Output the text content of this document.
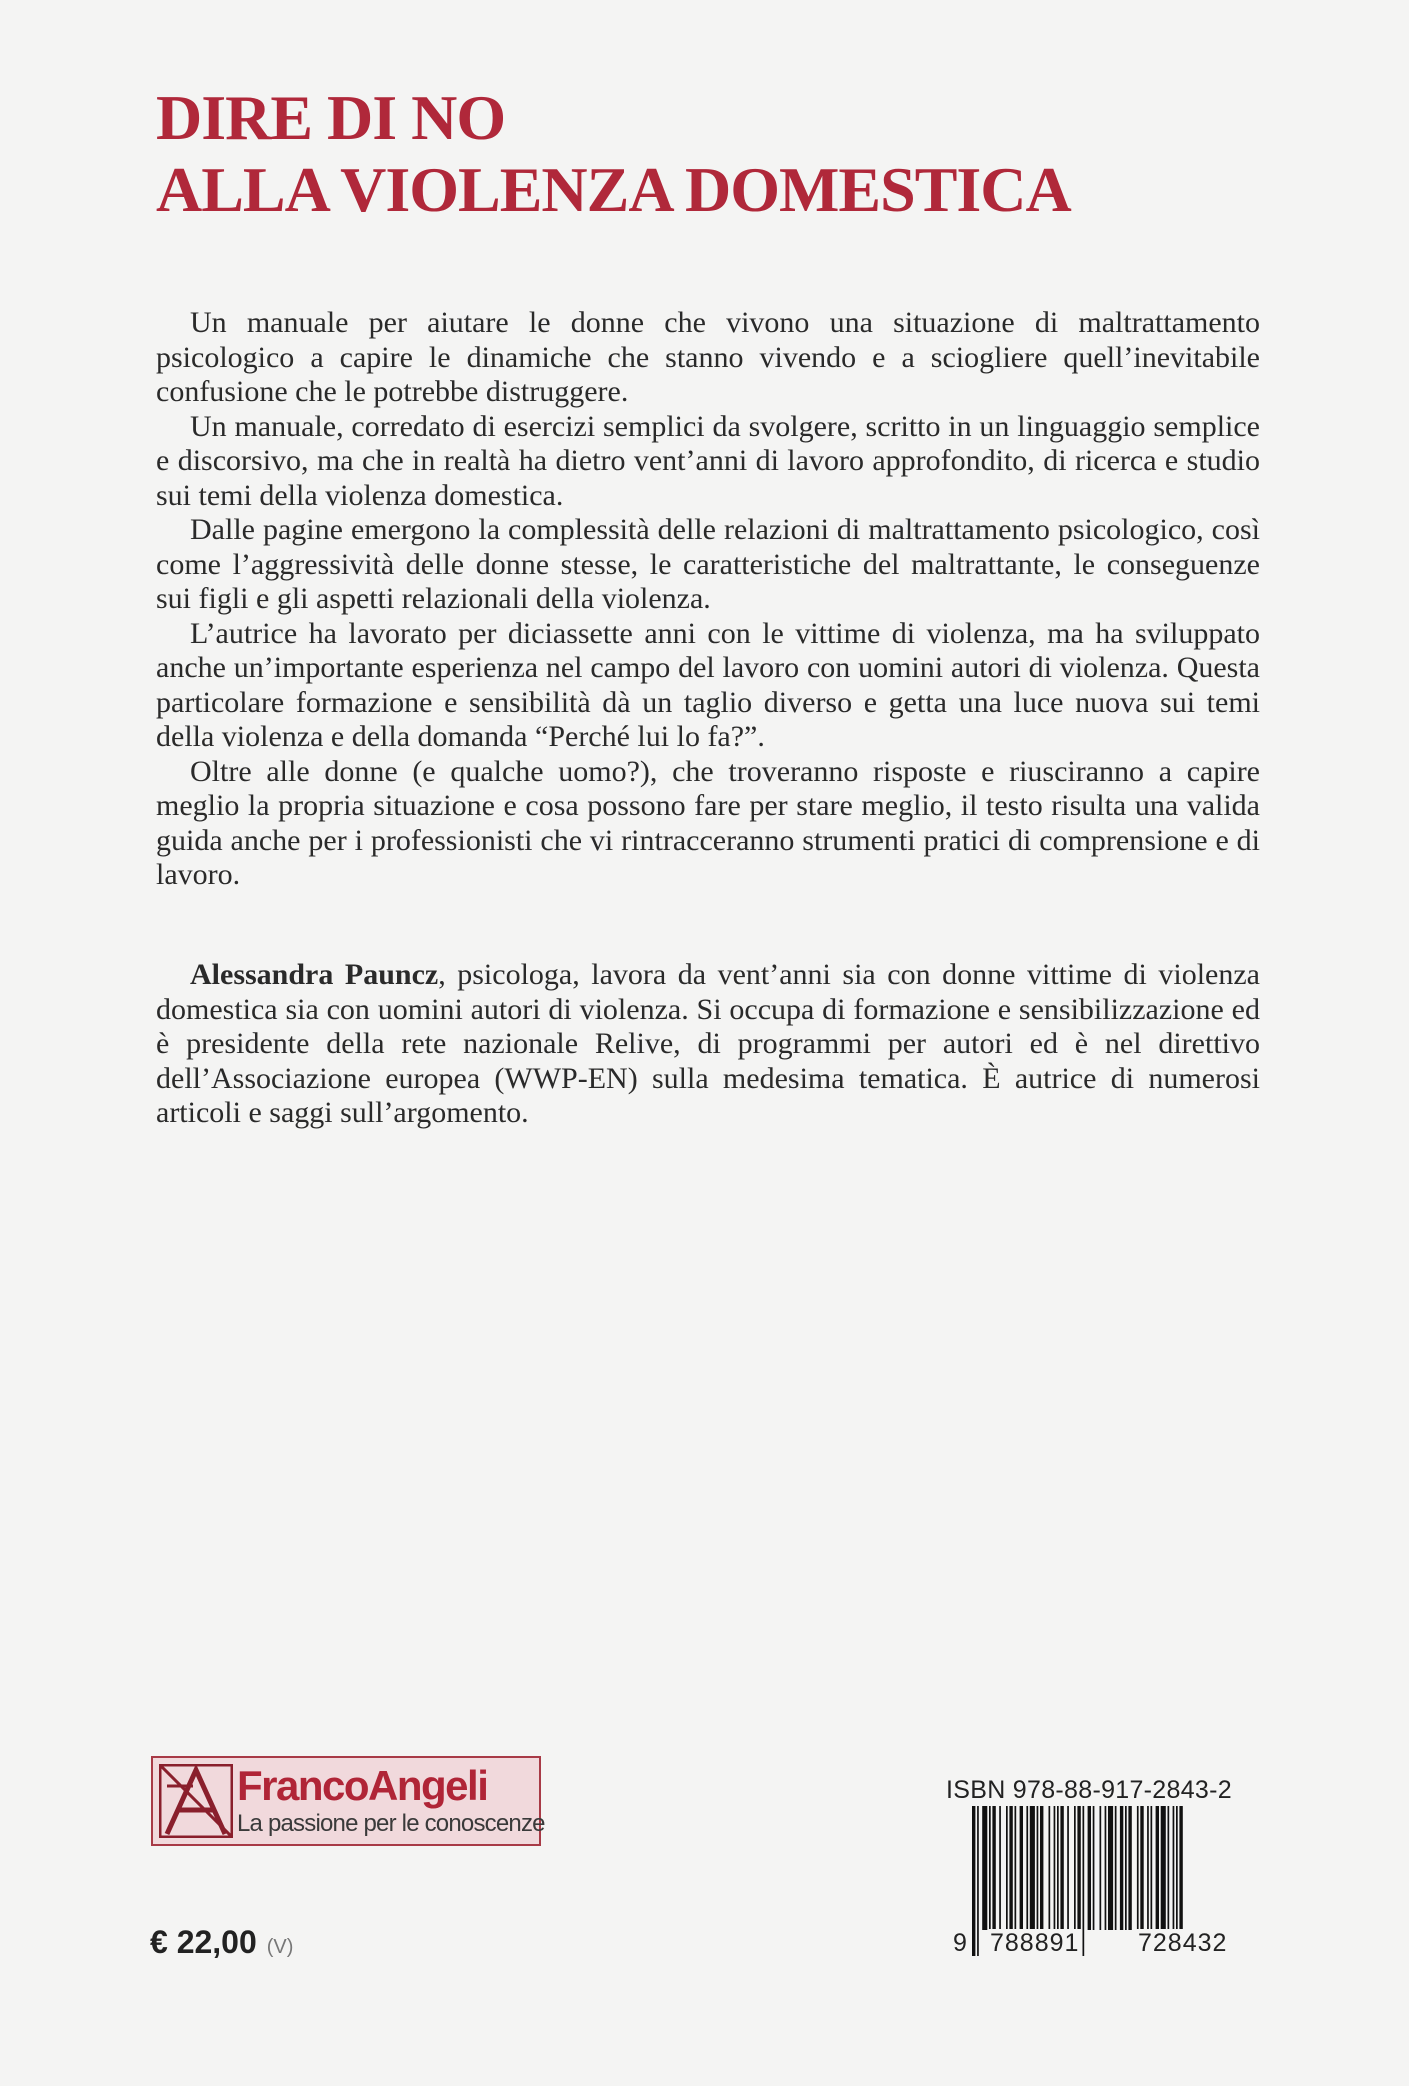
DIRE DI NO
ALLA VIOLENZA DOMESTICA

Un manuale per aiutare le donne che vivono una situazione di maltrattamento psicologico a capire le dinamiche che stanno vivendo e a sciogliere quell’inevitabile confusione che le potrebbe distruggere.

Un manuale, corredato di esercizi semplici da svolgere, scritto in un linguaggio semplice e discorsivo, ma che in realtà ha dietro vent’anni di lavoro approfondito, di ricerca e studio sui temi della violenza domestica.

Dalle pagine emergono la complessità delle relazioni di maltrattamento psicologico, così come l’aggressività delle donne stesse, le caratteristiche del maltrattante, le conseguenze sui figli e gli aspetti relazionali della violenza.

L’autrice ha lavorato per diciassette anni con le vittime di violenza, ma ha sviluppato anche un’importante esperienza nel campo del lavoro con uomini autori di violenza. Questa particolare formazione e sensibilità dà un taglio diverso e getta una luce nuova sui temi della violenza e della domanda “Perché lui lo fa?”.

Oltre alle donne (e qualche uomo?), che troveranno risposte e riusciranno a capire meglio la propria situazione e cosa possono fare per stare meglio, il testo risulta una valida guida anche per i professionisti che vi rintracceranno strumenti pratici di comprensione e di lavoro.

Alessandra Pauncz, psicologa, lavora da vent’anni sia con donne vittime di violenza domestica sia con uomini autori di violenza. Si occupa di formazione e sensibilizzazione ed è presidente della rete nazionale Relive, di programmi per autori ed è nel direttivo dell’Associazione europea (WWP-EN) sulla medesima tematica. È autrice di numerosi articoli e saggi sull’argomento.

FrancoAngeli
La passione per le conoscenze
€ 22,00 (V)
ISBN 978-88-917-2843-2
9 788891 728432
